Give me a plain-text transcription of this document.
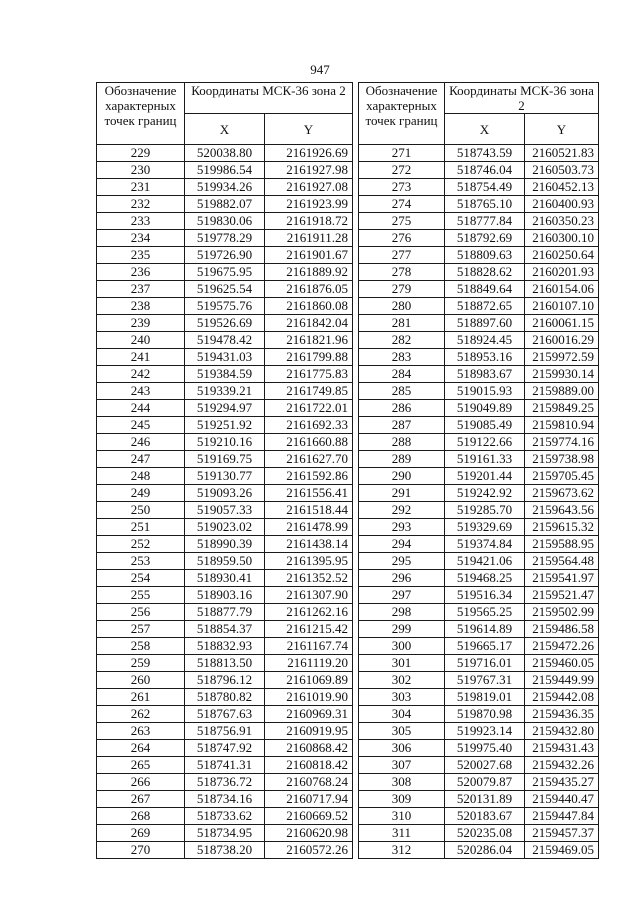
947
Обозначение характерных точек границ	Координаты МСК-36 зона 2			Обозначение характерных точек границ	Координаты МСК-36 зона 2	
	X	Y			X	Y
229	520038.80	2161926.69		271	518743.59	2160521.83
230	519986.54	2161927.98		272	518746.04	2160503.73
231	519934.26	2161927.08		273	518754.49	2160452.13
232	519882.07	2161923.99		274	518765.10	2160400.93
233	519830.06	2161918.72		275	518777.84	2160350.23
234	519778.29	2161911.28		276	518792.69	2160300.10
235	519726.90	2161901.67		277	518809.63	2160250.64
236	519675.95	2161889.92		278	518828.62	2160201.93
237	519625.54	2161876.05		279	518849.64	2160154.06
238	519575.76	2161860.08		280	518872.65	2160107.10
239	519526.69	2161842.04		281	518897.60	2160061.15
240	519478.42	2161821.96		282	518924.45	2160016.29
241	519431.03	2161799.88		283	518953.16	2159972.59
242	519384.59	2161775.83		284	518983.67	2159930.14
243	519339.21	2161749.85		285	519015.93	2159889.00
244	519294.97	2161722.01		286	519049.89	2159849.25
245	519251.92	2161692.33		287	519085.49	2159810.94
246	519210.16	2161660.88		288	519122.66	2159774.16
247	519169.75	2161627.70		289	519161.33	2159738.98
248	519130.77	2161592.86		290	519201.44	2159705.45
249	519093.26	2161556.41		291	519242.92	2159673.62
250	519057.33	2161518.44		292	519285.70	2159643.56
251	519023.02	2161478.99		293	519329.69	2159615.32
252	518990.39	2161438.14		294	519374.84	2159588.95
253	518959.50	2161395.95		295	519421.06	2159564.48
254	518930.41	2161352.52		296	519468.25	2159541.97
255	518903.16	2161307.90		297	519516.34	2159521.47
256	518877.79	2161262.16		298	519565.25	2159502.99
257	518854.37	2161215.42		299	519614.89	2159486.58
258	518832.93	2161167.74		300	519665.17	2159472.26
259	518813.50	2161119.20		301	519716.01	2159460.05
260	518796.12	2161069.89		302	519767.31	2159449.99
261	518780.82	2161019.90		303	519819.01	2159442.08
262	518767.63	2160969.31		304	519870.98	2159436.35
263	518756.91	2160919.95		305	519923.14	2159432.80
264	518747.92	2160868.42		306	519975.40	2159431.43
265	518741.31	2160818.42		307	520027.68	2159432.26
266	518736.72	2160768.24		308	520079.87	2159435.27
267	518734.16	2160717.94		309	520131.89	2159440.47
268	518733.62	2160669.52		310	520183.67	2159447.84
269	518734.95	2160620.98		311	520235.08	2159457.37
270	518738.20	2160572.26		312	520286.04	2159469.05
